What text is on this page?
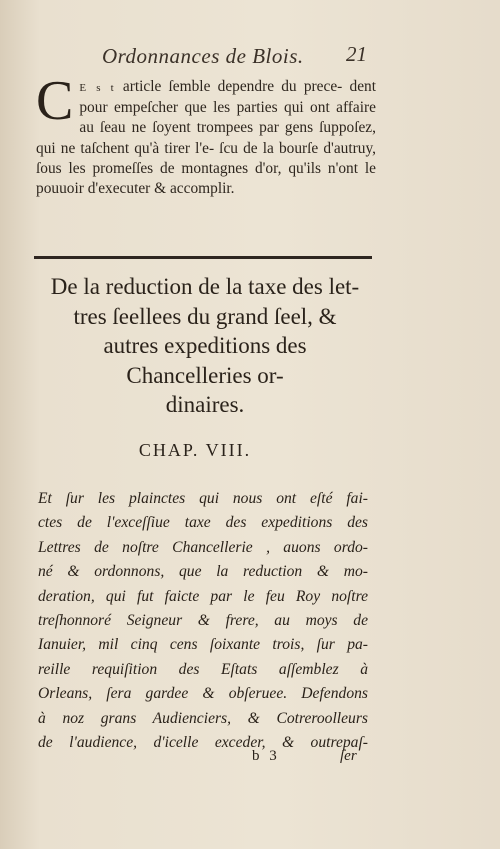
Ordonnances de Blois.	21
C E s t article ſemble dependre du prece- dent pour empeſcher que les parties qui ont affaire au ſeau ne ſoyent trompees par gens ſuppoſez, qui ne taſchent qu'à tirer l'e- ſcu de la bourſe d'autruy, ſous les promeſſes de montagnes d'or, qu'ils n'ont le pouuoir d'executer & accomplir.
De la reduction de la taxe des let-
tres ſeellees du grand ſeel, &
autres expeditions des
Chancelleries or-
dinaires.
CHAP. VIII.
Et ſur les plainctes qui nous ont eſté fai-
ctes de l'exceſſiue taxe des expeditions des
Lettres de noſtre Chancellerie , auons ordo-
né & ordonnons, que la reduction & mo-
deration, qui fut faicte par le feu Roy noſtre
treſhonnoré Seigneur & frere, au moys de
Ianuier, mil cinq cens ſoixante trois, ſur pa-
reille requiſition des Eſtats aſſemblez à
Orleans, ſera gardee & obſeruee. Defendons
à noz grans Audienciers, & Cotreroolleurs
de l'audience, d'icelle exceder, & outrepaſ-
b 3	ſer
